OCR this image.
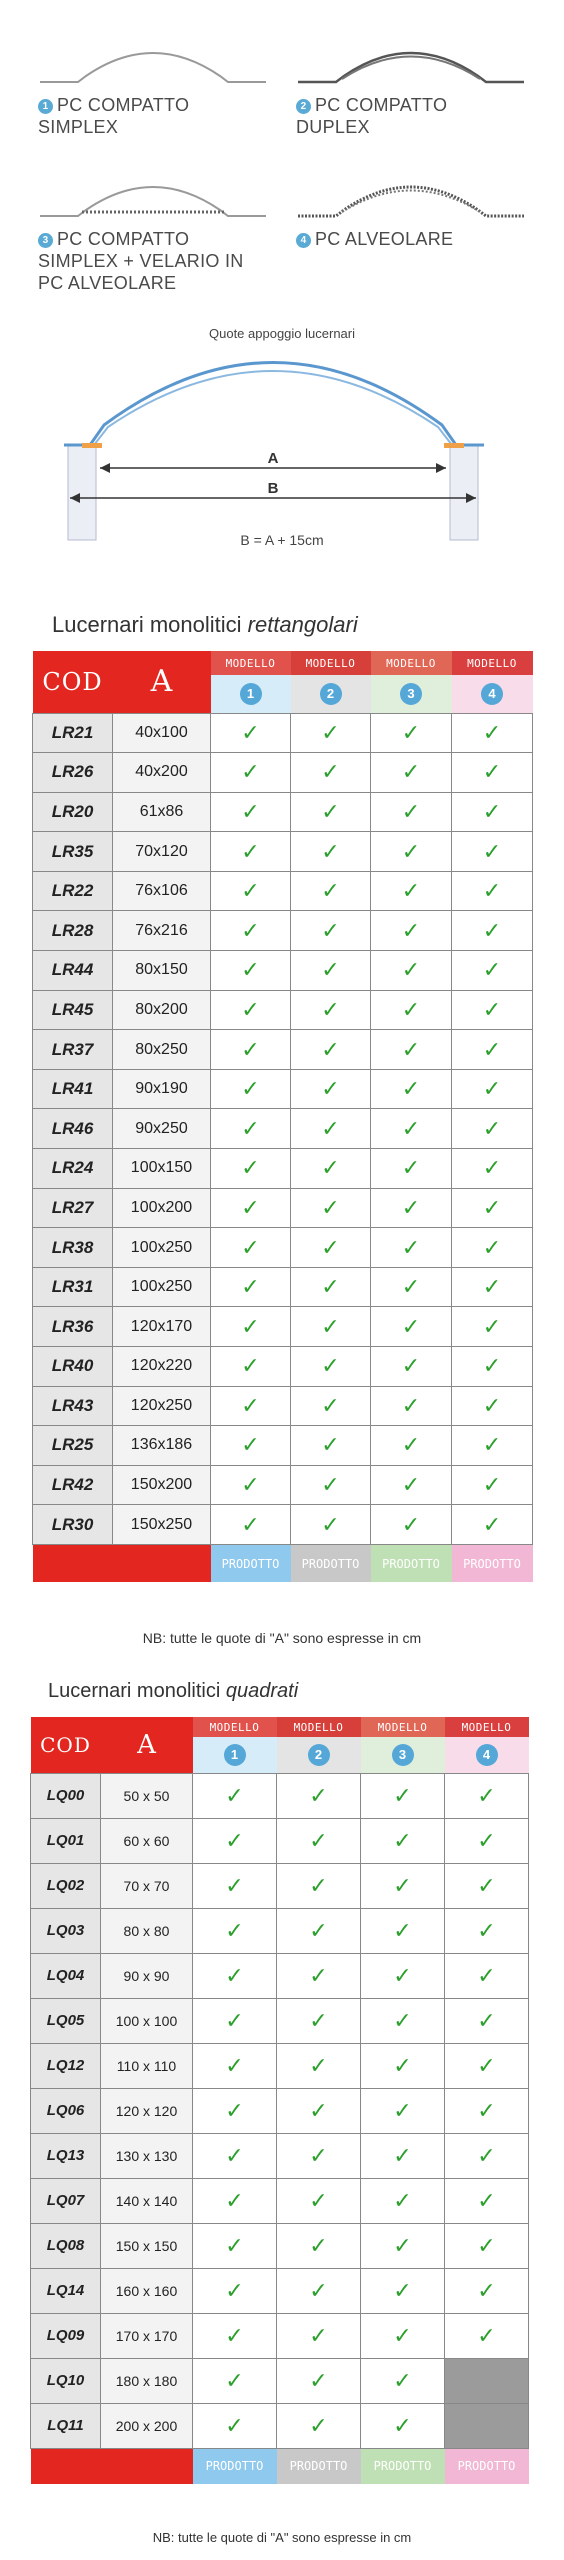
1 PC COMPATTO SIMPLEX
2 PC COMPATTO DUPLEX
3 PC COMPATTO SIMPLEX + VELARIO IN PC ALVEOLARE
4 PC ALVEOLARE
Quote appoggio lucernari
A
B
B = A + 15cm
Lucernari monolitici rettangolari
COD	A	MODELLO	MODELLO	MODELLO	MODELLO
		1	2	3	4
LR21	40x100	✓	✓	✓	✓
LR26	40x200	✓	✓	✓	✓
LR20	61x86	✓	✓	✓	✓
LR35	70x120	✓	✓	✓	✓
LR22	76x106	✓	✓	✓	✓
LR28	76x216	✓	✓	✓	✓
LR44	80x150	✓	✓	✓	✓
LR45	80x200	✓	✓	✓	✓
LR37	80x250	✓	✓	✓	✓
LR41	90x190	✓	✓	✓	✓
LR46	90x250	✓	✓	✓	✓
LR24	100x150	✓	✓	✓	✓
LR27	100x200	✓	✓	✓	✓
LR38	100x250	✓	✓	✓	✓
LR31	100x250	✓	✓	✓	✓
LR36	120x170	✓	✓	✓	✓
LR40	120x220	✓	✓	✓	✓
LR43	120x250	✓	✓	✓	✓
LR25	136x186	✓	✓	✓	✓
LR42	150x200	✓	✓	✓	✓
LR30	150x250	✓	✓	✓	✓
		PRODOTTO	PRODOTTO	PRODOTTO	PRODOTTO
NB: tutte le quote di "A" sono espresse in cm
Lucernari monolitici quadrati
COD	A	MODELLO	MODELLO	MODELLO	MODELLO
		1	2	3	4
LQ00	50 x 50	✓	✓	✓	✓
LQ01	60 x 60	✓	✓	✓	✓
LQ02	70 x 70	✓	✓	✓	✓
LQ03	80 x 80	✓	✓	✓	✓
LQ04	90 x 90	✓	✓	✓	✓
LQ05	100 x 100	✓	✓	✓	✓
LQ12	110 x 110	✓	✓	✓	✓
LQ06	120 x 120	✓	✓	✓	✓
LQ13	130 x 130	✓	✓	✓	✓
LQ07	140 x 140	✓	✓	✓	✓
LQ08	150 x 150	✓	✓	✓	✓
LQ14	160 x 160	✓	✓	✓	✓
LQ09	170 x 170	✓	✓	✓	✓
LQ10	180 x 180	✓	✓	✓	
LQ11	200 x 200	✓	✓	✓	
		PRODOTTO	PRODOTTO	PRODOTTO	PRODOTTO
NB: tutte le quote di "A" sono espresse in cm
